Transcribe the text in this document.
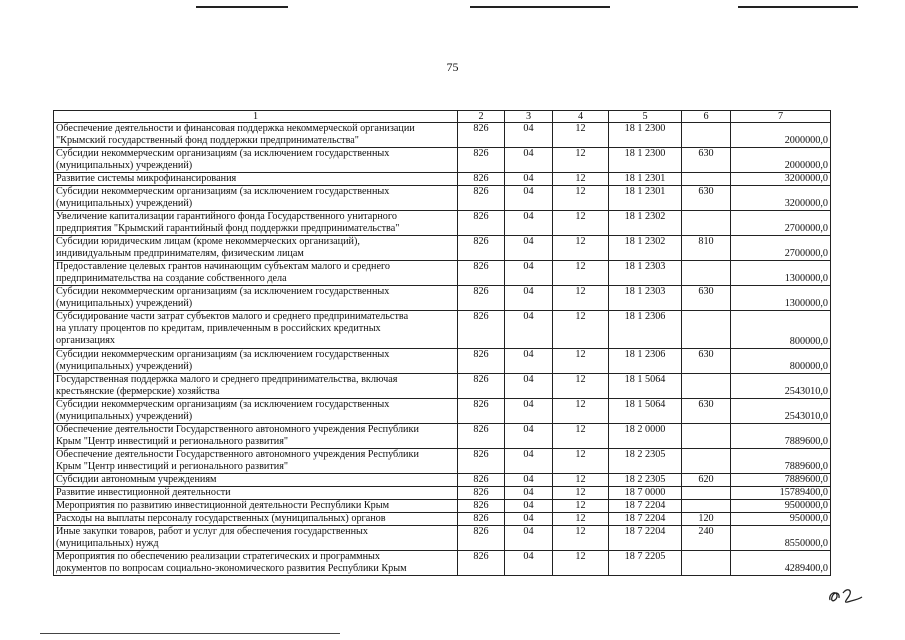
75
1	2	3	4	5	6	7

Обеспечение деятельности и финансовая поддержка некоммерческой организации
"Крымский государственный фонд поддержки предпринимательства"	826	04	12	18 1 2300		2000000,0

Субсидии некоммерческим организациям (за исключением государственных
(муниципальных) учреждений)	826	04	12	18 1 2300	630	2000000,0

Развитие системы микрофинансирования	826	04	12	18 1 2301		3200000,0

Субсидии некоммерческим организациям (за исключением государственных
(муниципальных) учреждений)	826	04	12	18 1 2301	630	3200000,0

Увеличение капитализации гарантийного фонда Государственного унитарного
предприятия "Крымский гарантийный фонд поддержки предпринимательства"	826	04	12	18 1 2302		2700000,0

Субсидии юридическим лицам (кроме некоммерческих организаций),
индивидуальным предпринимателям, физическим лицам	826	04	12	18 1 2302	810	2700000,0

Предоставление целевых грантов начинающим субъектам малого и среднего
предпринимательства на создание собственного дела	826	04	12	18 1 2303		1300000,0

Субсидии некоммерческим организациям (за исключением государственных
(муниципальных) учреждений)	826	04	12	18 1 2303	630	1300000,0

Субсидирование части затрат субъектов малого и среднего предпринимательства
на уплату процентов по кредитам, привлеченным в российских кредитных
организациях	826	04	12	18 1 2306		800000,0

Субсидии некоммерческим организациям (за исключением государственных
(муниципальных) учреждений)	826	04	12	18 1 2306	630	800000,0

Государственная поддержка малого и среднего предпринимательства, включая
крестьянские (фермерские) хозяйства	826	04	12	18 1 5064		2543010,0

Субсидии некоммерческим организациям (за исключением государственных
(муниципальных) учреждений)	826	04	12	18 1 5064	630	2543010,0

Обеспечение деятельности Государственного автономного учреждения Республики
Крым "Центр инвестиций и регионального развития"	826	04	12	18 2 0000		7889600,0

Обеспечение деятельности Государственного автономного учреждения Республики
Крым "Центр инвестиций и регионального развития"	826	04	12	18 2 2305		7889600,0

Субсидии автономным учреждениям	826	04	12	18 2 2305	620	7889600,0

Развитие инвестиционной деятельности	826	04	12	18 7 0000		15789400,0

Мероприятия по развитию инвестиционной деятельности Республики Крым	826	04	12	18 7 2204		9500000,0

Расходы на выплаты персоналу государственных (муниципальных) органов	826	04	12	18 7 2204	120	950000,0

Иные закупки товаров, работ и услуг для обеспечения государственных
(муниципальных) нужд	826	04	12	18 7 2204	240	8550000,0

Мероприятия по обеспечению реализации стратегических и программных
документов по вопросам социально-экономического развития Республики Крым	826	04	12	18 7 2205		4289400,0
